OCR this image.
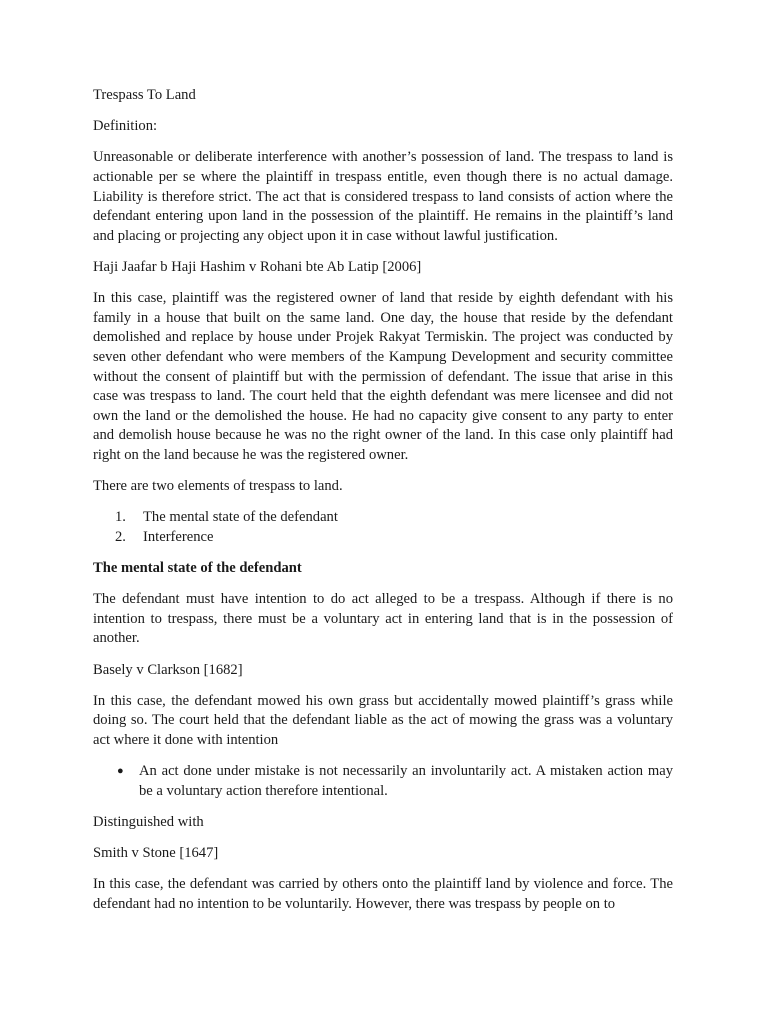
Trespass To Land

Definition:

Unreasonable or deliberate interference with another’s possession of land. The trespass to land is actionable per se where the plaintiff in trespass entitle, even though there is no actual damage. Liability is therefore strict. The act that is considered trespass to land consists of action where the defendant entering upon land in the possession of the plaintiff. He remains in the plaintiff’s land and placing or projecting any object upon it in case without lawful justification.

Haji Jaafar b Haji Hashim v Rohani bte Ab Latip [2006]

In this case, plaintiff was the registered owner of land that reside by eighth defendant with his family in a house that built on the same land. One day, the house that reside by the defendant demolished and replace by house under Projek Rakyat Termiskin. The project was conducted by seven other defendant who were members of the Kampung Development and security committee without the consent of plaintiff but with the permission of defendant. The issue that arise in this case was trespass to land. The court held that the eighth defendant was mere licensee and did not own the land or the demolished the house. He had no capacity give consent to any party to enter and demolish house because he was no the right owner of the land. In this case only plaintiff had right on the land because he was the registered owner.

There are two elements of trespass to land.

1.	The mental state of the defendant
2.	Interference

The mental state of the defendant

The defendant must have intention to do act alleged to be a trespass. Although if there is no intention to trespass, there must be a voluntary act in entering land that is in the possession of another.

Basely v Clarkson [1682]

In this case, the defendant mowed his own grass but accidentally mowed plaintiff’s grass while doing so. The court held that the defendant liable as the act of mowing the grass was a voluntary act where it done with intention

●	An act done under mistake is not necessarily an involuntarily act. A mistaken action may be a voluntary action therefore intentional.

Distinguished with

Smith v Stone [1647]

In this case, the defendant was carried by others onto the plaintiff land by violence and force. The defendant had no intention to be voluntarily. However, there was trespass by people on to
